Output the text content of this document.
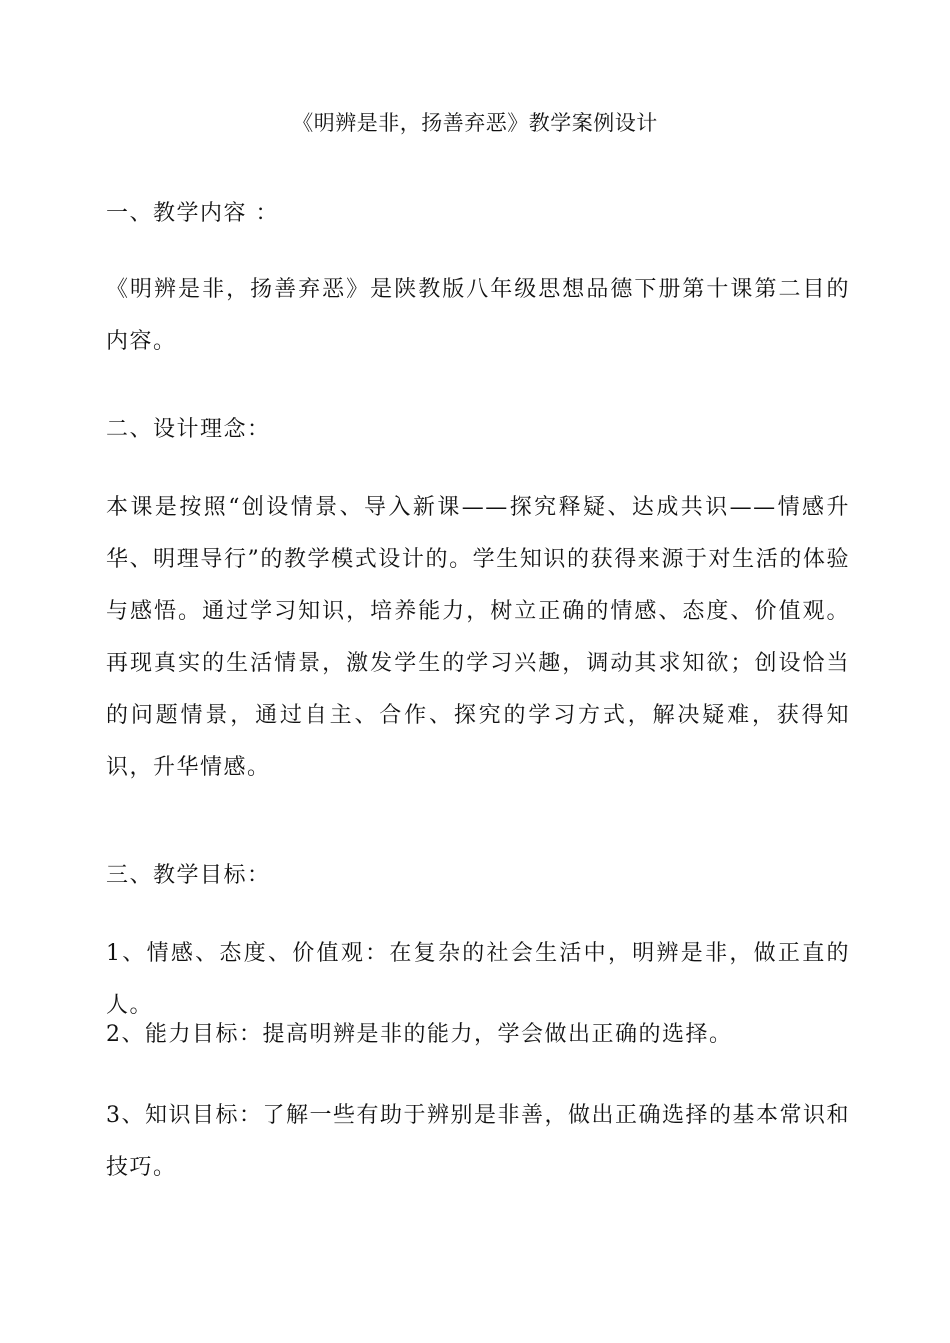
《明辨是非，扬善弃恶》教学案例设计
一、教学内容 ：
《明辨是非，扬善弃恶》是陕教版八年级思想品德下册第十课第二目的内容。
二、设计理念：
本课是按照“创设情景、导入新课——探究释疑、达成共识——情感升华、明理导行”的教学模式设计的。学生知识的获得来源于对生活的体验与感悟。通过学习知识，培养能力，树立正确的情感、态度、价值观。再现真实的生活情景，激发学生的学习兴趣，调动其求知欲；创设恰当的问题情景，通过自主、合作、探究的学习方式，解决疑难，获得知识，升华情感。
三、教学目标：
1、情感、态度、价值观：在复杂的社会生活中，明辨是非，做正直的人。
2、能力目标：提高明辨是非的能力，学会做出正确的选择。
3、知识目标：了解一些有助于辨别是非善，做出正确选择的基本常识和技巧。
